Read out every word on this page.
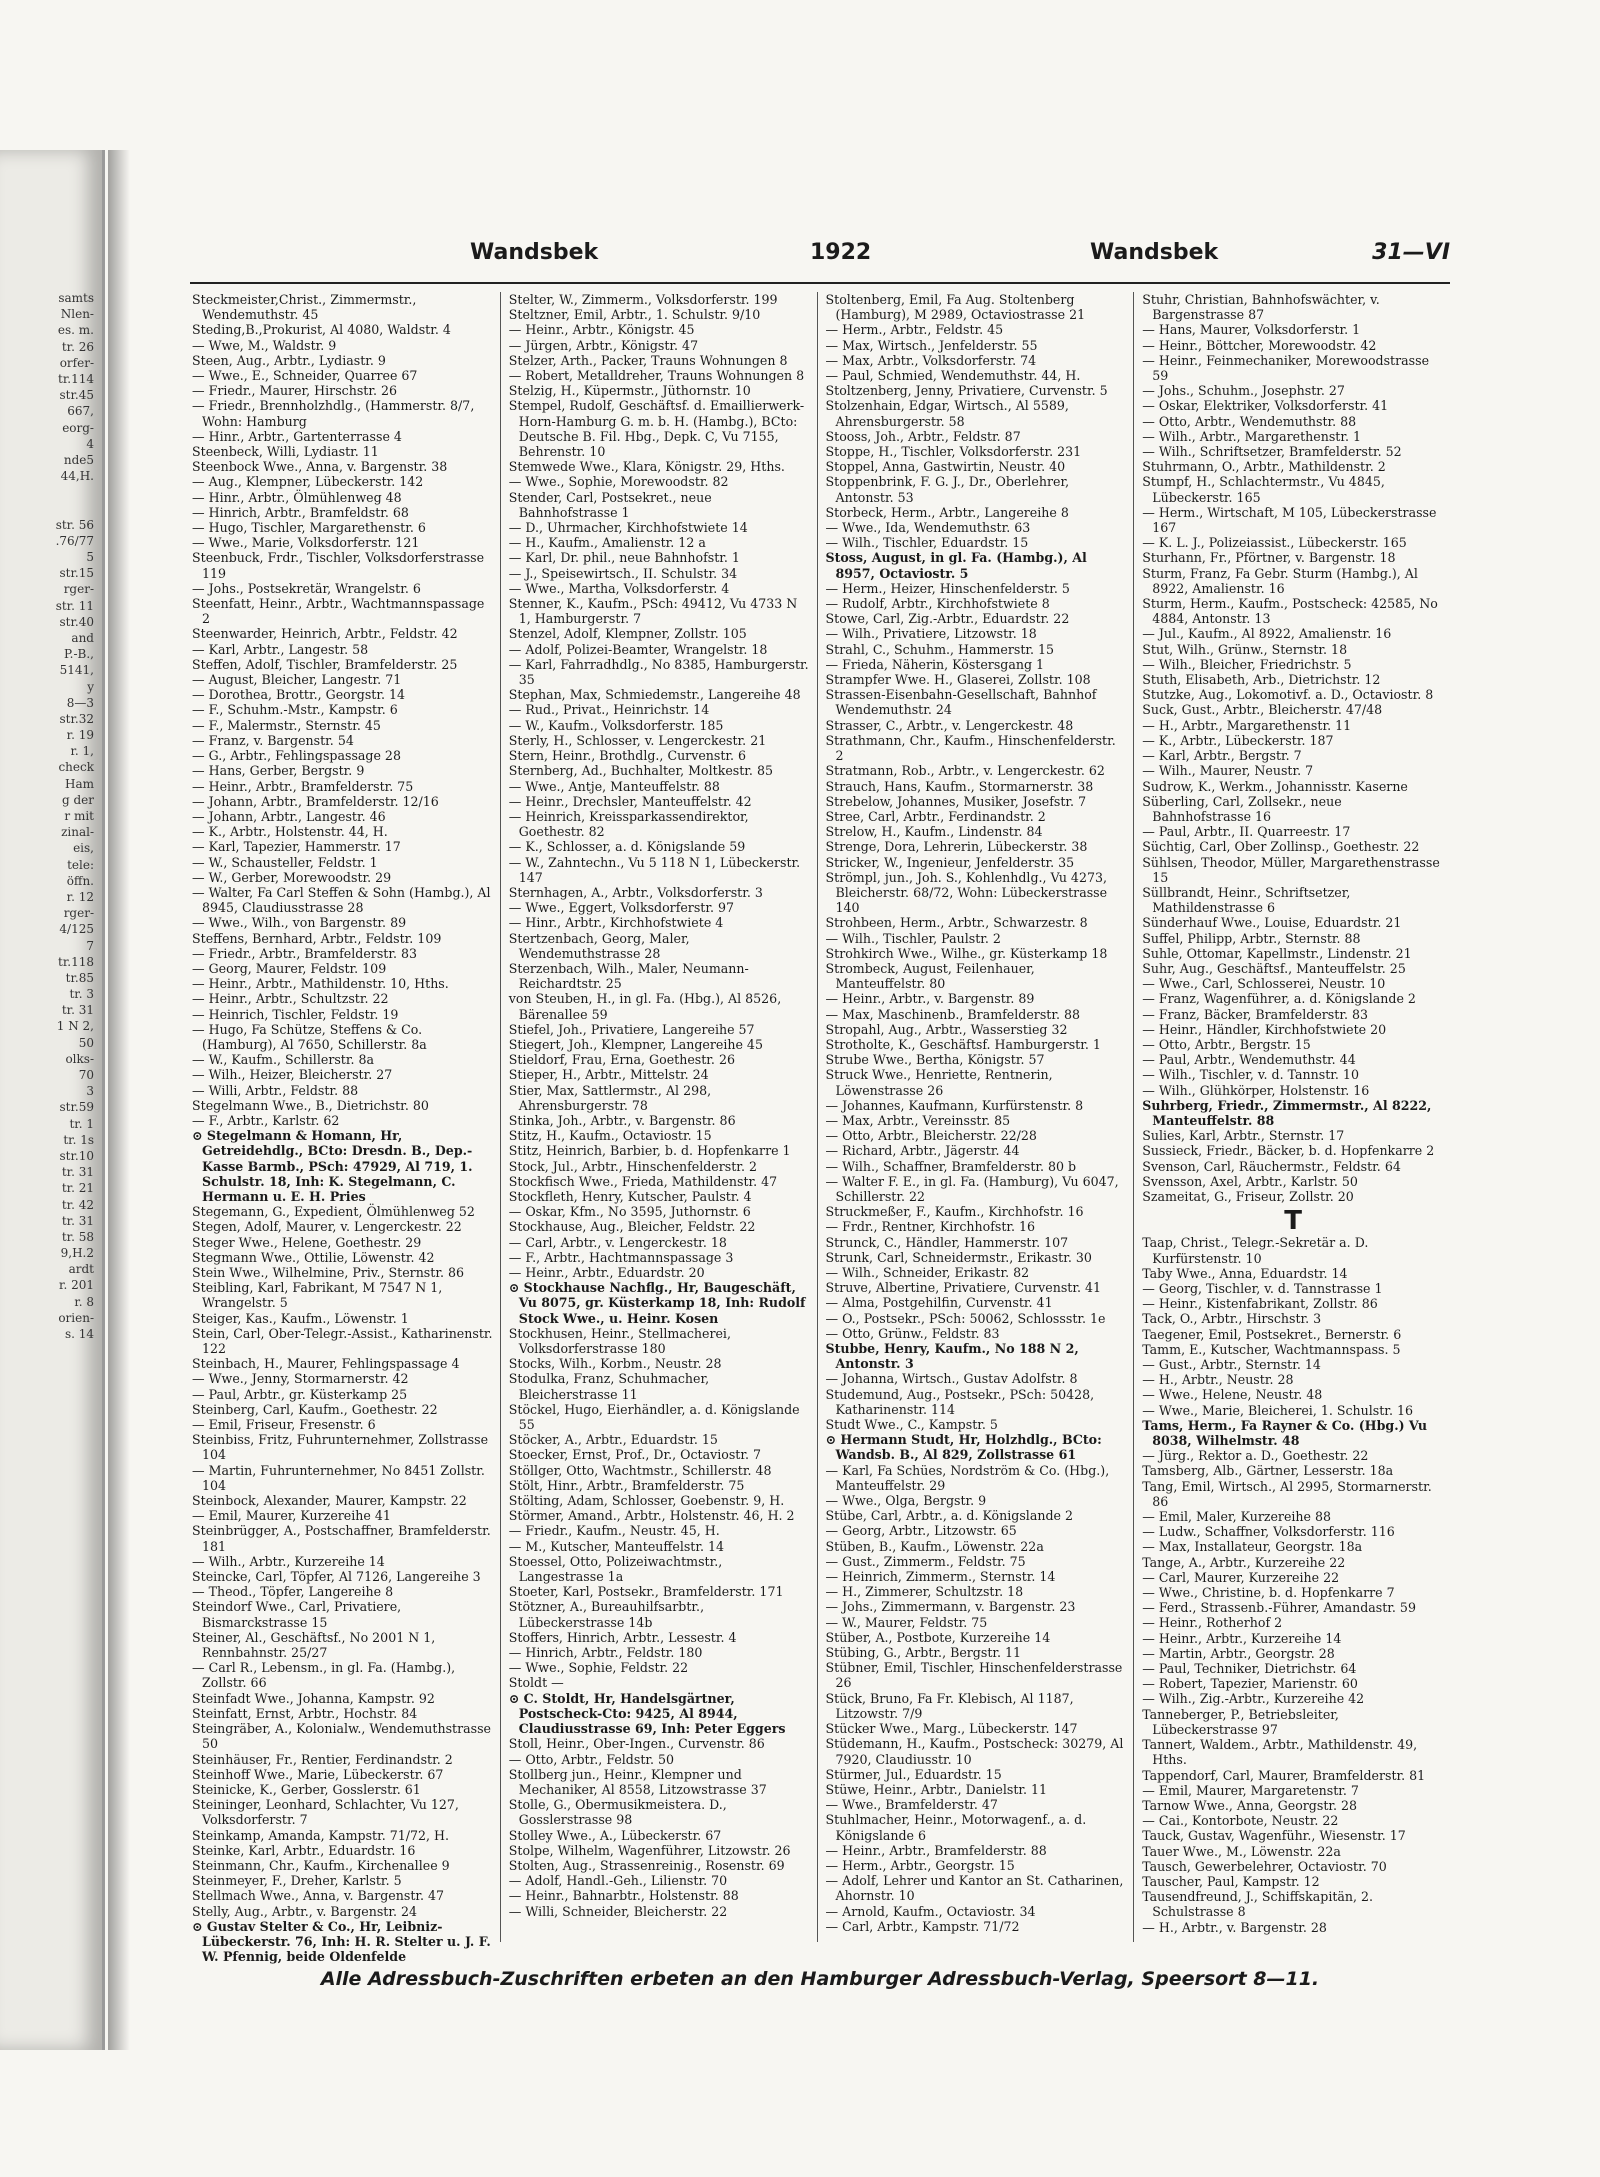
samts
Nlen-
es. m.
tr. 26
orfer-
tr.114
str.45
667,
eorg-
4
nde5
44,H.

str. 56
.76/77
5
str.15
rger-
str. 11
str.40
and
P.-B.,
5141,
y
8—3
str.32
r. 19
r. 1,
check
Ham
g der
r mit
zinal-
eis,
tele:
öffn.
r. 12
rger-
4/125
7
tr.118
tr.85
tr. 3
tr. 31
1 N 2,
50
olks-
70
3
str.59
tr. 1
tr. 1s
str.10
tr. 31
tr. 21
tr. 42
tr. 31
tr. 58
9,H.2
ardt
r. 201
r. 8
orien-
s. 14
Wandsbek	1922	Wandsbek	31—VI

Steckmeister,Christ., Zimmermstr., Wendemuthstr. 45

Steding,B.,Prokurist, Al 4080, Waldstr. 4

— Wwe, M., Waldstr. 9

Steen, Aug., Arbtr., Lydiastr. 9

— Wwe., E., Schneider, Quarree 67

— Friedr., Maurer, Hirschstr. 26

— Friedr., Brennholzhdlg., (Hammerstr. 8/7, Wohn: Hamburg

— Hinr., Arbtr., Gartenterrasse 4

Steenbeck, Willi, Lydiastr. 11

Steenbock Wwe., Anna, v. Bargenstr. 38

— Aug., Klempner, Lübeckerstr. 142

— Hinr., Arbtr., Ölmühlenweg 48

— Hinrich, Arbtr., Bramfeldstr. 68

— Hugo, Tischler, Margarethenstr. 6

— Wwe., Marie, Volksdorferstr. 121

Steenbuck, Frdr., Tischler, Volksdorferstrasse 119

— Johs., Postsekretär, Wrangelstr. 6

Steenfatt, Heinr., Arbtr., Wachtmannspassage 2

Steenwarder, Heinrich, Arbtr., Feldstr. 42

— Karl, Arbtr., Langestr. 58

Steffen, Adolf, Tischler, Bramfelderstr. 25

— August, Bleicher, Langestr. 71

— Dorothea, Brottr., Georgstr. 14

— F., Schuhm.-Mstr., Kampstr. 6

— F., Malermstr., Sternstr. 45

— Franz, v. Bargenstr. 54

— G., Arbtr., Fehlingspassage 28

— Hans, Gerber, Bergstr. 9

— Heinr., Arbtr., Bramfelderstr. 75

— Johann, Arbtr., Bramfelderstr. 12/16

— Johann, Arbtr., Langestr. 46

— K., Arbtr., Holstenstr. 44, H.

— Karl, Tapezier, Hammerstr. 17

— W., Schausteller, Feldstr. 1

— W., Gerber, Morewoodstr. 29

— Walter, Fa Carl Steffen & Sohn (Hambg.), Al 8945, Claudiusstrasse 28

— Wwe., Wilh., von Bargenstr. 89

Steffens, Bernhard, Arbtr., Feldstr. 109

— Friedr., Arbtr., Bramfelderstr. 83

— Georg, Maurer, Feldstr. 109

— Heinr., Arbtr., Mathildenstr. 10, Hths.

— Heinr., Arbtr., Schultzstr. 22

— Heinrich, Tischler, Feldstr. 19

— Hugo, Fa Schütze, Steffens & Co. (Hamburg), Al 7650, Schillerstr. 8a

— W., Kaufm., Schillerstr. 8a

— Wilh., Heizer, Bleicherstr. 27

— Willi, Arbtr., Feldstr. 88

Stegelmann Wwe., B., Dietrichstr. 80

— F., Arbtr., Karlstr. 62

⊙ Stegelmann & Homann, Hr, Getreidehdlg., BCto: Dresdn. B., Dep.-Kasse Barmb., PSch: 47929, Al 719, 1. Schulstr. 18, Inh: K. Stegelmann, C. Hermann u. E. H. Pries

Stegemann, G., Expedient, Ölmühlenweg 52

Stegen, Adolf, Maurer, v. Lengerckestr. 22

Steger Wwe., Helene, Goethestr. 29

Stegmann Wwe., Ottilie, Löwenstr. 42

Stein Wwe., Wilhelmine, Priv., Sternstr. 86

Steibling, Karl, Fabrikant, M 7547 N 1, Wrangelstr. 5

Steiger, Kas., Kaufm., Löwenstr. 1

Stein, Carl, Ober-Telegr.-Assist., Katharinenstr. 122

Steinbach, H., Maurer, Fehlingspassage 4

— Wwe., Jenny, Stormarnerstr. 42

— Paul, Arbtr., gr. Küsterkamp 25

Steinberg, Carl, Kaufm., Goethestr. 22

— Emil, Friseur, Fresenstr. 6

Steinbiss, Fritz, Fuhrunternehmer, Zollstrasse 104

— Martin, Fuhrunternehmer, No 8451 Zollstr. 104

Steinbock, Alexander, Maurer, Kampstr. 22

— Emil, Maurer, Kurzereihe 41

Steinbrügger, A., Postschaffner, Bramfelderstr. 181

— Wilh., Arbtr., Kurzereihe 14

Steincke, Carl, Töpfer, Al 7126, Langereihe 3

— Theod., Töpfer, Langereihe 8

Steindorf Wwe., Carl, Privatiere, Bismarckstrasse 15

Steiner, Al., Geschäftsf., No 2001 N 1, Rennbahnstr. 25/27

— Carl R., Lebensm., in gl. Fa. (Hambg.), Zollstr. 66

Steinfadt Wwe., Johanna, Kampstr. 92

Steinfatt, Ernst, Arbtr., Hochstr. 84

Steingräber, A., Kolonialw., Wendemuthstrasse 50

Steinhäuser, Fr., Rentier, Ferdinandstr. 2

Steinhoff Wwe., Marie, Lübeckerstr. 67

Steinicke, K., Gerber, Gosslerstr. 61

Steininger, Leonhard, Schlachter, Vu 127, Volksdorferstr. 7

Steinkamp, Amanda, Kampstr. 71/72, H.

Steinke, Karl, Arbtr., Eduardstr. 16

Steinmann, Chr., Kaufm., Kirchenallee 9

Steinmeyer, F., Dreher, Karlstr. 5

Stellmach Wwe., Anna, v. Bargenstr. 47

Stelly, Aug., Arbtr., v. Bargenstr. 24

⊙ Gustav Stelter & Co., Hr, Leibniz-Lübeckerstr. 76, Inh: H. R. Stelter u. J. F. W. Pfennig, beide Oldenfelde

Stelter, W., Zimmerm., Volksdorferstr. 199

Steltzner, Emil, Arbtr., 1. Schulstr. 9/10

— Heinr., Arbtr., Königstr. 45

— Jürgen, Arbtr., Königstr. 47

Stelzer, Arth., Packer, Trauns Wohnungen 8

— Robert, Metalldreher, Trauns Wohnungen 8

Stelzig, H., Küpermstr., Jüthornstr. 10

Stempel, Rudolf, Geschäftsf. d. Emaillierwerk-Horn-Hamburg G. m. b. H. (Hambg.), BCto: Deutsche B. Fil. Hbg., Depk. C, Vu 7155, Behrenstr. 10

Stemwede Wwe., Klara, Königstr. 29, Hths.

— Wwe., Sophie, Morewoodstr. 82

Stender, Carl, Postsekret., neue Bahnhofstrasse 1

— D., Uhrmacher, Kirchhofstwiete 14

— H., Kaufm., Amalienstr. 12 a

— Karl, Dr. phil., neue Bahnhofstr. 1

— J., Speisewirtsch., II. Schulstr. 34

— Wwe., Martha, Volksdorferstr. 4

Stenner, K., Kaufm., PSch: 49412, Vu 4733 N 1, Hamburgerstr. 7

Stenzel, Adolf, Klempner, Zollstr. 105

— Adolf, Polizei-Beamter, Wrangelstr. 18

— Karl, Fahrradhdlg., No 8385, Hamburgerstr. 35

Stephan, Max, Schmiedemstr., Langereihe 48

— Rud., Privat., Heinrichstr. 14

— W., Kaufm., Volksdorferstr. 185

Sterly, H., Schlosser, v. Lengerckestr. 21

Stern, Heinr., Brothdlg., Curvenstr. 6

Sternberg, Ad., Buchhalter, Moltkestr. 85

— Wwe., Antje, Manteuffelstr. 88

— Heinr., Drechsler, Manteuffelstr. 42

— Heinrich, Kreissparkassendirektor, Goethestr. 82

— K., Schlosser, a. d. Königslande 59

— W., Zahntechn., Vu 5 118 N 1, Lübeckerstr. 147

Sternhagen, A., Arbtr., Volksdorferstr. 3

— Wwe., Eggert, Volksdorferstr. 97

— Hinr., Arbtr., Kirchhofstwiete 4

Stertzenbach, Georg, Maler, Wendemuthstrasse 28

Sterzenbach, Wilh., Maler, Neumann-Reichardtstr. 25

von Steuben, H., in gl. Fa. (Hbg.), Al 8526, Bärenallee 59

Stiefel, Joh., Privatiere, Langereihe 57

Stiegert, Joh., Klempner, Langereihe 45

Stieldorf, Frau, Erna, Goethestr. 26

Stieper, H., Arbtr., Mittelstr. 24

Stier, Max, Sattlermstr., Al 298, Ahrensburgerstr. 78

Stinka, Joh., Arbtr., v. Bargenstr. 86

Stitz, H., Kaufm., Octaviostr. 15

Stitz, Heinrich, Barbier, b. d. Hopfenkarre 1

Stock, Jul., Arbtr., Hinschenfelderstr. 2

Stockfisch Wwe., Frieda, Mathildenstr. 47

Stockfleth, Henry, Kutscher, Paulstr. 4

— Oskar, Kfm., No 3595, Juthornstr. 6

Stockhause, Aug., Bleicher, Feldstr. 22

— Carl, Arbtr., v. Lengerckestr. 18

— F., Arbtr., Hachtmannspassage 3

— Heinr., Arbtr., Eduardstr. 20

⊙ Stockhause Nachflg., Hr, Baugeschäft, Vu 8075, gr. Küsterkamp 18, Inh: Rudolf Stock Wwe., u. Heinr. Kosen

Stockhusen, Heinr., Stellmacherei, Volksdorferstrasse 180

Stocks, Wilh., Korbm., Neustr. 28

Stodulka, Franz, Schuhmacher, Bleicherstrasse 11

Stöckel, Hugo, Eierhändler, a. d. Königslande 55

Stöcker, A., Arbtr., Eduardstr. 15

Stoecker, Ernst, Prof., Dr., Octaviostr. 7

Stöllger, Otto, Wachtmstr., Schillerstr. 48

Stölt, Hinr., Arbtr., Bramfelderstr. 75

Stölting, Adam, Schlosser, Goebenstr. 9, H.

Störmer, Amand., Arbtr., Holstenstr. 46, H. 2

— Friedr., Kaufm., Neustr. 45, H.

— M., Kutscher, Manteuffelstr. 14

Stoessel, Otto, Polizeiwachtmstr., Langestrasse 1a

Stoeter, Karl, Postsekr., Bramfelderstr. 171

Stötzner, A., Bureauhilfsarbtr., Lübeckerstrasse 14b

Stoffers, Hinrich, Arbtr., Lessestr. 4

— Hinrich, Arbtr., Feldstr. 180

— Wwe., Sophie, Feldstr. 22

Stoldt —

⊙ C. Stoldt, Hr, Handelsgärtner, Postscheck-Cto: 9425, Al 8944, Claudiusstrasse 69, Inh: Peter Eggers

Stoll, Heinr., Ober-Ingen., Curvenstr. 86

— Otto, Arbtr., Feldstr. 50

Stollberg jun., Heinr., Klempner und Mechaniker, Al 8558, Litzowstrasse 37

Stolle, G., Obermusikmeistera. D., Gosslerstrasse 98

Stolley Wwe., A., Lübeckerstr. 67

Stolpe, Wilhelm, Wagenführer, Litzowstr. 26

Stolten, Aug., Strassenreinig., Rosenstr. 69

— Adolf, Handl.-Geh., Lilienstr. 70

— Heinr., Bahnarbtr., Holstenstr. 88

— Willi, Schneider, Bleicherstr. 22

Stoltenberg, Emil, Fa Aug. Stoltenberg (Hamburg), M 2989, Octaviostrasse 21

— Herm., Arbtr., Feldstr. 45

— Max, Wirtsch., Jenfelderstr. 55

— Max, Arbtr., Volksdorferstr. 74

— Paul, Schmied, Wendemuthstr. 44, H.

Stoltzenberg, Jenny, Privatiere, Curvenstr. 5

Stolzenhain, Edgar, Wirtsch., Al 5589, Ahrensburgerstr. 58

Stooss, Joh., Arbtr., Feldstr. 87

Stoppe, H., Tischler, Volksdorferstr. 231

Stoppel, Anna, Gastwirtin, Neustr. 40

Stoppenbrink, F. G. J., Dr., Oberlehrer, Antonstr. 53

Storbeck, Herm., Arbtr., Langereihe 8

— Wwe., Ida, Wendemuthstr. 63

— Wilh., Tischler, Eduardstr. 15

Stoss, August, in gl. Fa. (Hambg.), Al 8957, Octaviostr. 5

— Herm., Heizer, Hinschenfelderstr. 5

— Rudolf, Arbtr., Kirchhofstwiete 8

Stowe, Carl, Zig.-Arbtr., Eduardstr. 22

— Wilh., Privatiere, Litzowstr. 18

Strahl, C., Schuhm., Hammerstr. 15

— Frieda, Näherin, Köstersgang 1

Strampfer Wwe. H., Glaserei, Zollstr. 108

Strassen-Eisenbahn-Gesellschaft, Bahnhof Wendemuthstr. 24

Strasser, C., Arbtr., v. Lengerckestr. 48

Strathmann, Chr., Kaufm., Hinschenfelderstr. 2

Stratmann, Rob., Arbtr., v. Lengerckestr. 62

Strauch, Hans, Kaufm., Stormarnerstr. 38

Strebelow, Johannes, Musiker, Josefstr. 7

Stree, Carl, Arbtr., Ferdinandstr. 2

Strelow, H., Kaufm., Lindenstr. 84

Strenge, Dora, Lehrerin, Lübeckerstr. 38

Stricker, W., Ingenieur, Jenfelderstr. 35

Strömpl, jun., Joh. S., Kohlenhdlg., Vu 4273, Bleicherstr. 68/72, Wohn: Lübeckerstrasse 140

Strohbeen, Herm., Arbtr., Schwarzestr. 8

— Wilh., Tischler, Paulstr. 2

Strohkirch Wwe., Wilhe., gr. Küsterkamp 18

Strombeck, August, Feilenhauer, Manteuffelstr. 80

— Heinr., Arbtr., v. Bargenstr. 89

— Max, Maschinenb., Bramfelderstr. 88

Stropahl, Aug., Arbtr., Wasserstieg 32

Strotholte, K., Geschäftsf. Hamburgerstr. 1

Strube Wwe., Bertha, Königstr. 57

Struck Wwe., Henriette, Rentnerin, Löwenstrasse 26

— Johannes, Kaufmann, Kurfürstenstr. 8

— Max, Arbtr., Vereinsstr. 85

— Otto, Arbtr., Bleicherstr. 22/28

— Richard, Arbtr., Jägerstr. 44

— Wilh., Schaffner, Bramfelderstr. 80 b

— Walter F. E., in gl. Fa. (Hamburg), Vu 6047, Schillerstr. 22

Struckmeßer, F., Kaufm., Kirchhofstr. 16

— Frdr., Rentner, Kirchhofstr. 16

Strunck, C., Händler, Hammerstr. 107

Strunk, Carl, Schneidermstr., Erikastr. 30

— Wilh., Schneider, Erikastr. 82

Struve, Albertine, Privatiere, Curvenstr. 41

— Alma, Postgehilfin, Curvenstr. 41

— O., Postsekr., PSch: 50062, Schlossstr. 1e

— Otto, Grünw., Feldstr. 83

Stubbe, Henry, Kaufm., No 188 N 2, Antonstr. 3

— Johanna, Wirtsch., Gustav Adolfstr. 8

Studemund, Aug., Postsekr., PSch: 50428, Katharinenstr. 114

Studt Wwe., C., Kampstr. 5

⊙ Hermann Studt, Hr, Holzhdlg., BCto: Wandsb. B., Al 829, Zollstrasse 61

— Karl, Fa Schües, Nordström & Co. (Hbg.), Manteuffelstr. 29

— Wwe., Olga, Bergstr. 9

Stübe, Carl, Arbtr., a. d. Königslande 2

— Georg, Arbtr., Litzowstr. 65

Stüben, B., Kaufm., Löwenstr. 22a

— Gust., Zimmerm., Feldstr. 75

— Heinrich, Zimmerm., Sternstr. 14

— H., Zimmerer, Schultzstr. 18

— Johs., Zimmermann, v. Bargenstr. 23

— W., Maurer, Feldstr. 75

Stüber, A., Postbote, Kurzereihe 14

Stübing, G., Arbtr., Bergstr. 11

Stübner, Emil, Tischler, Hinschenfelderstrasse 26

Stück, Bruno, Fa Fr. Klebisch, Al 1187, Litzowstr. 7/9

Stücker Wwe., Marg., Lübeckerstr. 147

Stüdemann, H., Kaufm., Postscheck: 30279, Al 7920, Claudiusstr. 10

Stürmer, Jul., Eduardstr. 15

Stüwe, Heinr., Arbtr., Danielstr. 11

— Wwe., Bramfelderstr. 47

Stuhlmacher, Heinr., Motorwagenf., a. d. Königslande 6

— Heinr., Arbtr., Bramfelderstr. 88

— Herm., Arbtr., Georgstr. 15

— Adolf, Lehrer und Kantor an St. Catharinen, Ahornstr. 10

— Arnold, Kaufm., Octaviostr. 34

— Carl, Arbtr., Kampstr. 71/72

Stuhr, Christian, Bahnhofswächter, v. Bargenstrasse 87

— Hans, Maurer, Volksdorferstr. 1

— Heinr., Böttcher, Morewoodstr. 42

— Heinr., Feinmechaniker, Morewoodstrasse 59

— Johs., Schuhm., Josephstr. 27

— Oskar, Elektriker, Volksdorferstr. 41

— Otto, Arbtr., Wendemuthstr. 88

— Wilh., Arbtr., Margarethenstr. 1

— Wilh., Schriftsetzer, Bramfelderstr. 52

Stuhrmann, O., Arbtr., Mathildenstr. 2

Stumpf, H., Schlachtermstr., Vu 4845, Lübeckerstr. 165

— Herm., Wirtschaft, M 105, Lübeckerstrasse 167

— K. L. J., Polizeiassist., Lübeckerstr. 165

Sturhann, Fr., Pförtner, v. Bargenstr. 18

Sturm, Franz, Fa Gebr. Sturm (Hambg.), Al 8922, Amalienstr. 16

Sturm, Herm., Kaufm., Postscheck: 42585, No 4884, Antonstr. 13

— Jul., Kaufm., Al 8922, Amalienstr. 16

Stut, Wilh., Grünw., Sternstr. 18

— Wilh., Bleicher, Friedrichstr. 5

Stuth, Elisabeth, Arb., Dietrichstr. 12

Stutzke, Aug., Lokomotivf. a. D., Octaviostr. 8

Suck, Gust., Arbtr., Bleicherstr. 47/48

— H., Arbtr., Margarethenstr. 11

— K., Arbtr., Lübeckerstr. 187

— Karl, Arbtr., Bergstr. 7

— Wilh., Maurer, Neustr. 7

Sudrow, K., Werkm., Johannisstr. Kaserne

Süberling, Carl, Zollsekr., neue Bahnhofstrasse 16

— Paul, Arbtr., II. Quarreestr. 17

Süchtig, Carl, Ober Zollinsp., Goethestr. 22

Sühlsen, Theodor, Müller, Margarethenstrasse 15

Süllbrandt, Heinr., Schriftsetzer, Mathildenstrasse 6

Sünderhauf Wwe., Louise, Eduardstr. 21

Suffel, Philipp, Arbtr., Sternstr. 88

Suhle, Ottomar, Kapellmstr., Lindenstr. 21

Suhr, Aug., Geschäftsf., Manteuffelstr. 25

— Wwe., Carl, Schlosserei, Neustr. 10

— Franz, Wagenführer, a. d. Königslande 2

— Franz, Bäcker, Bramfelderstr. 83

— Heinr., Händler, Kirchhofstwiete 20

— Otto, Arbtr., Bergstr. 15

— Paul, Arbtr., Wendemuthstr. 44

— Wilh., Tischler, v. d. Tannstr. 10

— Wilh., Glühkörper, Holstenstr. 16

Suhrberg, Friedr., Zimmermstr., Al 8222, Manteuffelstr. 88

Sulies, Karl, Arbtr., Sternstr. 17

Sussieck, Friedr., Bäcker, b. d. Hopfenkarre 2

Svenson, Carl, Räuchermstr., Feldstr. 64

Svensson, Axel, Arbtr., Karlstr. 50

Szameitat, G., Friseur, Zollstr. 20

T

Taap, Christ., Telegr.-Sekretär a. D. Kurfürstenstr. 10

Taby Wwe., Anna, Eduardstr. 14

— Georg, Tischler, v. d. Tannstrasse 1

— Heinr., Kistenfabrikant, Zollstr. 86

Tack, O., Arbtr., Hirschstr. 3

Taegener, Emil, Postsekret., Bernerstr. 6

Tamm, E., Kutscher, Wachtmannspass. 5

— Gust., Arbtr., Sternstr. 14

— H., Arbtr., Neustr. 28

— Wwe., Helene, Neustr. 48

— Wwe., Marie, Bleicherei, 1. Schulstr. 16

Tams, Herm., Fa Rayner & Co. (Hbg.) Vu 8038, Wilhelmstr. 48

— Jürg., Rektor a. D., Goethestr. 22

Tamsberg, Alb., Gärtner, Lesserstr. 18a

Tang, Emil, Wirtsch., Al 2995, Stormarnerstr. 86

— Emil, Maler, Kurzereihe 88

— Ludw., Schaffner, Volksdorferstr. 116

— Max, Installateur, Georgstr. 18a

Tange, A., Arbtr., Kurzereihe 22

— Carl, Maurer, Kurzereihe 22

— Wwe., Christine, b. d. Hopfenkarre 7

— Ferd., Strassenb.-Führer, Amandastr. 59

— Heinr., Rotherhof 2

— Heinr., Arbtr., Kurzereihe 14

— Martin, Arbtr., Georgstr. 28

— Paul, Techniker, Dietrichstr. 64

— Robert, Tapezier, Marienstr. 60

— Wilh., Zig.-Arbtr., Kurzereihe 42

Tanneberger, P., Betriebsleiter, Lübeckerstrasse 97

Tannert, Waldem., Arbtr., Mathildenstr. 49, Hths.

Tappendorf, Carl, Maurer, Bramfelderstr. 81

— Emil, Maurer, Margaretenstr. 7

Tarnow Wwe., Anna, Georgstr. 28

— Cai., Kontorbote, Neustr. 22

Tauck, Gustav, Wagenführ., Wiesenstr. 17

Tauer Wwe., M., Löwenstr. 22a

Tausch, Gewerbelehrer, Octaviostr. 70

Tauscher, Paul, Kampstr. 12

Tausendfreund, J., Schiffskapitän, 2. Schulstrasse 8

— H., Arbtr., v. Bargenstr. 28

Alle Adressbuch-Zuschriften erbeten an den Hamburger Adressbuch-Verlag, Speersort 8—11.
